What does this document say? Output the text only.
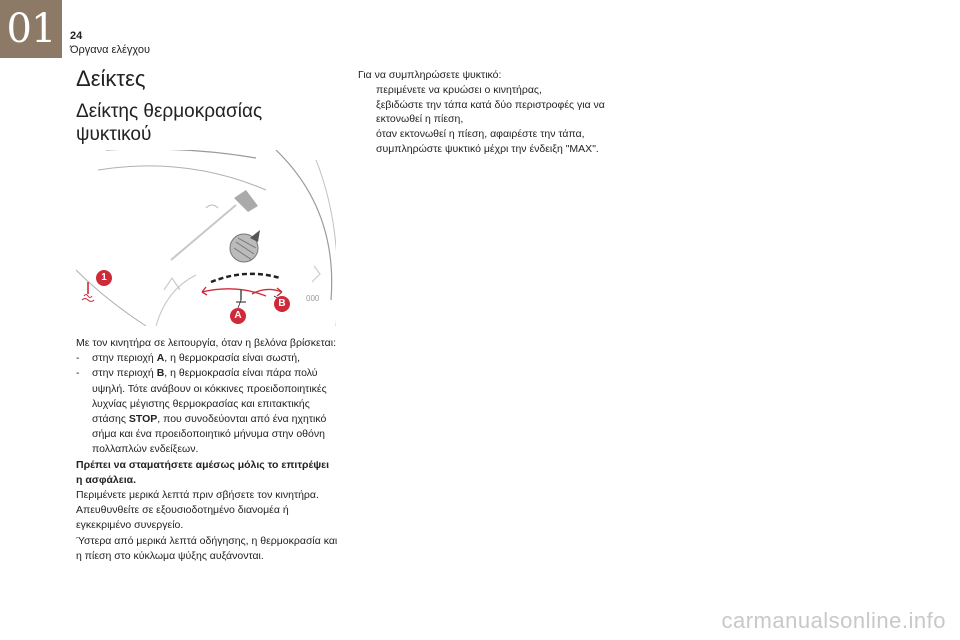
01	24
Όργανα ελέγχου
Δείκτες
Δείκτης θερμοκρασίας ψυκτικού
1
A
B	000

Με τον κινητήρα σε λειτουργία, όταν η βελόνα βρίσκεται:

-	στην περιοχή A, η θερμοκρασία είναι σωστή,
-	στην περιοχή B, η θερμοκρασία είναι πάρα πολύ υψηλή. Τότε ανάβουν οι κόκκινες προειδοποιητικές λυχνίας μέγιστης θερμοκρασίας και επιτακτικής στάσης STOP, που συνοδεύονται από ένα ηχητικό σήμα και ένα προειδοποιητικό μήνυμα στην οθόνη πολλαπλών ενδείξεων.

Πρέπει να σταματήσετε αμέσως μόλις το επιτρέψει η ασφάλεια.

Περιμένετε μερικά λεπτά πριν σβήσετε τον κινητήρα.

Απευθυνθείτε σε εξουσιοδοτημένο διανομέα ή εγκεκριμένο συνεργείο.

Ύστερα από μερικά λεπτά οδήγησης, η θερμοκρασία και η πίεση στο κύκλωμα ψύξης αυξάνονται.

Για να συμπληρώσετε ψυκτικό:

περιμένετε να κρυώσει ο κινητήρας,
ξεβιδώστε την τάπα κατά δύο περιστροφές για να εκτονωθεί η πίεση,
όταν εκτονωθεί η πίεση, αφαιρέστε την τάπα,
συμπληρώστε ψυκτικό μέχρι την ένδειξη "MAX".
carmanualsonline.info
